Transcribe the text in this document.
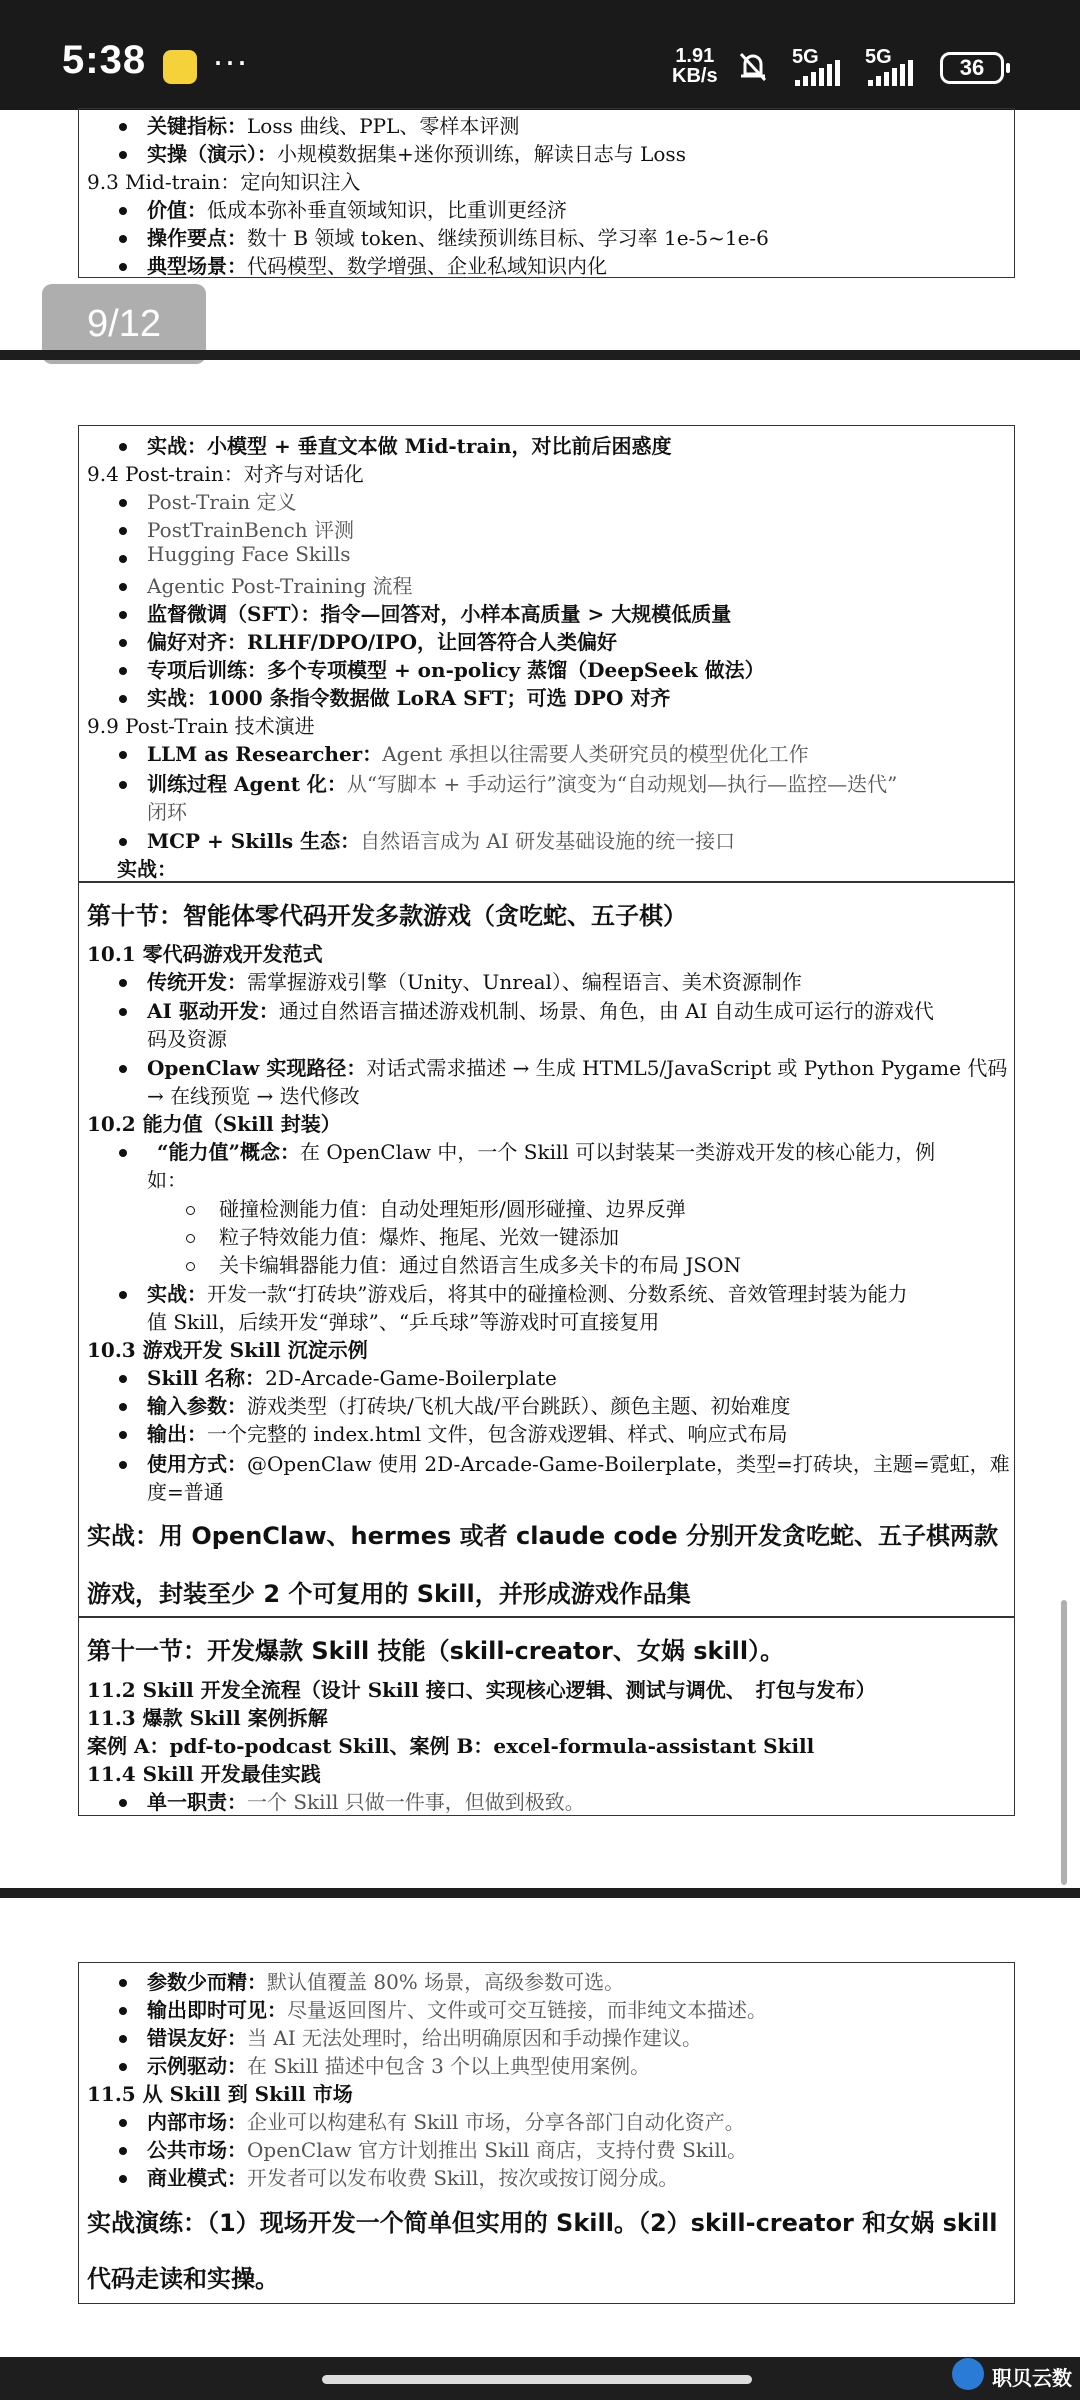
5:38 ···	1.91
KB/s
5G 5G	36
关键指标：Loss 曲线、PPL、零样本评测
实操（演示）：小规模数据集+迷你预训练，解读日志与 Loss
9.3 Mid-train：定向知识注入
价值：低成本弥补垂直领域知识，比重训更经济
操作要点：数十 B 领域 token、继续预训练目标、学习率 1e-5~1e-6
典型场景：代码模型、数学增强、企业私域知识内化
9/12
实战：小模型 + 垂直文本做 Mid-train，对比前后困惑度
9.4 Post-train：对齐与对话化
Post-Train 定义
PostTrainBench 评测
Hugging Face Skills
Agentic Post-Training 流程
监督微调（SFT）：指令—回答对，小样本高质量 > 大规模低质量
偏好对齐：RLHF/DPO/IPO，让回答符合人类偏好
专项后训练：多个专项模型 + on-policy 蒸馏（DeepSeek 做法）
实战：1000 条指令数据做 LoRA SFT；可选 DPO 对齐
9.9 Post-Train 技术演进
LLM as Researcher：Agent 承担以往需要人类研究员的模型优化工作
训练过程 Agent 化：从“写脚本 + 手动运行”演变为“自动规划—执行—监控—迭代”
闭环
MCP + Skills 生态：自然语言成为 AI 研发基础设施的统一接口
实战：
第十节：智能体零代码开发多款游戏（贪吃蛇、五子棋）
10.1 零代码游戏开发范式
传统开发：需掌握游戏引擎（Unity、Unreal）、编程语言、美术资源制作
AI 驱动开发：通过自然语言描述游戏机制、场景、角色，由 AI 自动生成可运行的游戏代
码及资源
OpenClaw 实现路径：对话式需求描述 → 生成 HTML5/JavaScript 或 Python Pygame 代码
→ 在线预览 → 迭代修改
10.2 能力值（Skill 封装）
“能力值”概念：在 OpenClaw 中，一个 Skill 可以封装某一类游戏开发的核心能力，例
如：
碰撞检测能力值：自动处理矩形/圆形碰撞、边界反弹
粒子特效能力值：爆炸、拖尾、光效一键添加
关卡编辑器能力值：通过自然语言生成多关卡的布局 JSON
实战：开发一款“打砖块”游戏后，将其中的碰撞检测、分数系统、音效管理封装为能力
值 Skill，后续开发“弹球”、“乒乓球”等游戏时可直接复用
10.3 游戏开发 Skill 沉淀示例
Skill 名称：2D-Arcade-Game-Boilerplate
输入参数：游戏类型（打砖块/飞机大战/平台跳跃）、颜色主题、初始难度
输出：一个完整的 index.html 文件，包含游戏逻辑、样式、响应式布局
使用方式：@OpenClaw 使用 2D-Arcade-Game-Boilerplate，类型=打砖块，主题=霓虹，难
度=普通
实战：用 OpenClaw、hermes 或者 claude code 分别开发贪吃蛇、五子棋两款
游戏，封装至少 2 个可复用的 Skill，并形成游戏作品集
第十一节：开发爆款 Skill 技能（skill-creator、女娲 skill）。
11.2 Skill 开发全流程（设计 Skill 接口、实现核心逻辑、测试与调优、　打包与发布）
11.3 爆款 Skill 案例拆解
案例 A：pdf-to-podcast Skill、案例 B：excel-formula-assistant Skill
11.4 Skill 开发最佳实践
单一职责：一个 Skill 只做一件事，但做到极致。
参数少而精：默认值覆盖 80% 场景，高级参数可选。
输出即时可见：尽量返回图片、文件或可交互链接，而非纯文本描述。
错误友好：当 AI 无法处理时，给出明确原因和手动操作建议。
示例驱动：在 Skill 描述中包含 3 个以上典型使用案例。
11.5 从 Skill 到 Skill 市场
内部市场：企业可以构建私有 Skill 市场，分享各部门自动化资产。
公共市场：OpenClaw 官方计划推出 Skill 商店，支持付费 Skill。
商业模式：开发者可以发布收费 Skill，按次或按订阅分成。
实战演练：（1）现场开发一个简单但实用的 Skill。（2）skill-creator 和女娲 skill
代码走读和实操。
职贝云数
